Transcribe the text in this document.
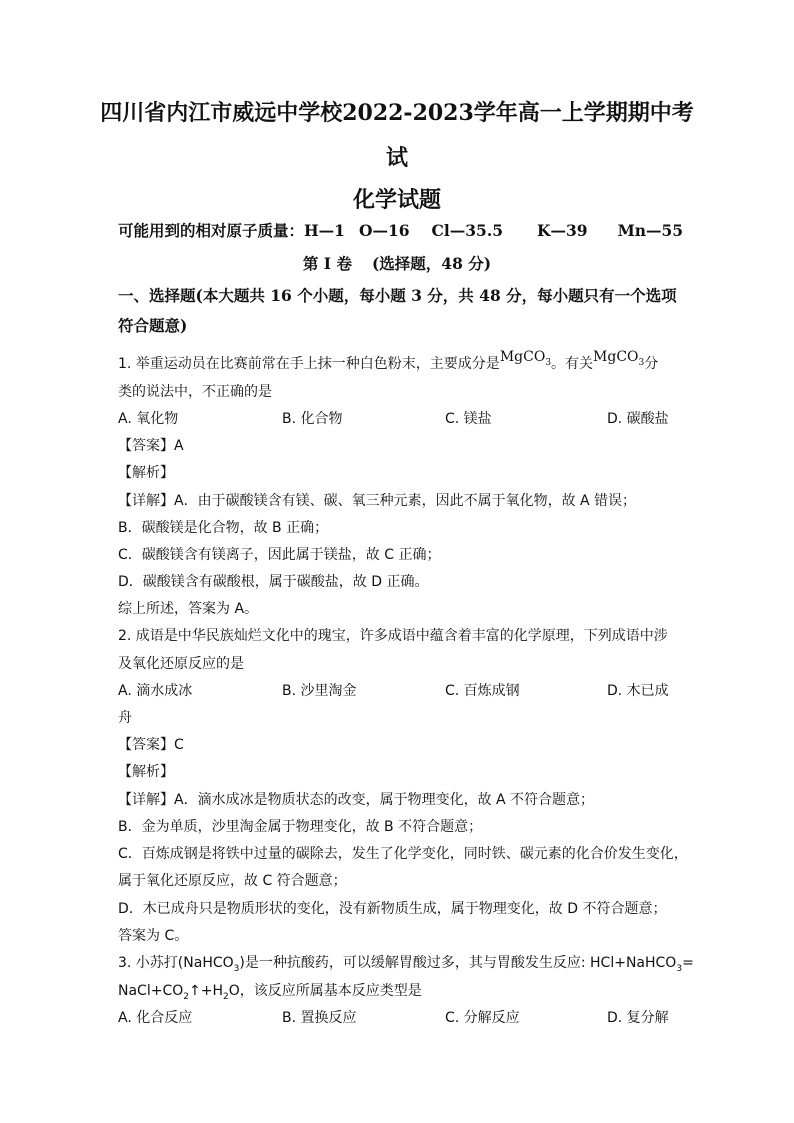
四川省内江市威远中学校2022-2023学年高一上学期期中考
试
化学试题
可能用到的相对原子质量：H—1 O—16 Cl—35.5 K—39 Mn—55
第 I 卷 (选择题，48 分)
一、选择题(本大题共 16 个小题，每小题 3 分，共 48 分，每小题只有一个选项
符合题意)
1. 举重运动员在比赛前常在手上抹一种白色粉末，主要成分是MgCO$_3$。有关MgCO$_3$分
类的说法中，不正确的是
A. 氧化物	B. 化合物	C. 镁盐	D. 碳酸盐
【答案】A
【解析】
【详解】A．由于碳酸镁含有镁、碳、氧三种元素，因此不属于氧化物，故 A 错误；
B．碳酸镁是化合物，故 B 正确；
C．碳酸镁含有镁离子，因此属于镁盐，故 C 正确；
D．碳酸镁含有碳酸根，属于碳酸盐，故 D 正确。
综上所述，答案为 A。
2. 成语是中华民族灿烂文化中的瑰宝，许多成语中蕴含着丰富的化学原理，下列成语中涉
及氧化还原反应的是
A. 滴水成冰	B. 沙里淘金	C. 百炼成钢	D. 木已成
舟
【答案】C
【解析】
【详解】A．滴水成冰是物质状态的改变，属于物理变化，故 A 不符合题意；
B．金为单质，沙里淘金属于物理变化，故 B 不符合题意；
C．百炼成钢是将铁中过量的碳除去，发生了化学变化，同时铁、碳元素的化合价发生变化，
属于氧化还原反应，故 C 符合题意；
D．木已成舟只是物质形状的变化，没有新物质生成，属于物理变化，故 D 不符合题意；
答案为 C。
3. 小苏打(NaHCO$_3$)是一种抗酸药，可以缓解胃酸过多，其与胃酸发生反应: HCl+NaHCO$_3$=
$NaCl+CO_2↑+H_2O$，该反应所属基本反应类型是
A. 化合反应	B. 置换反应	C. 分解反应	D. 复分解
